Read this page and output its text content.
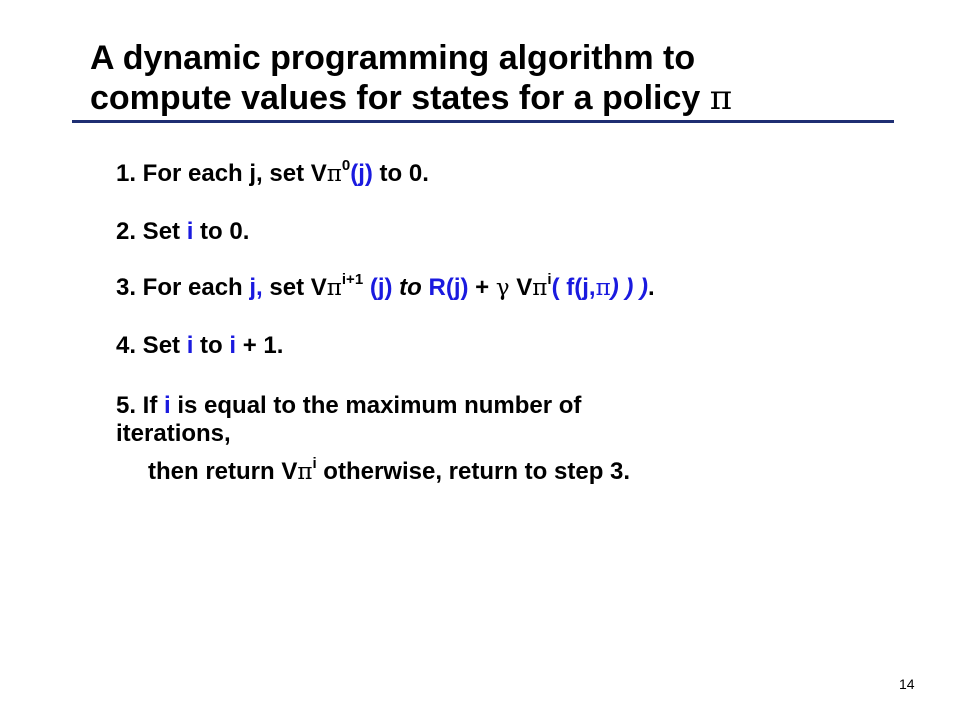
A dynamic programming algorithm to
compute values for states for a policy π
1. For each j, set $V\pi^0(j)$ to 0.
2. Set i to 0.
3. For each j, set $V\pi^{i+1}$ (j) to R(j) + γ $V\pi^i$( f(j,π) ) ).
4. Set i to i + 1.
5. If i is equal to the maximum number of
iterations,
then return $V\pi^i$ otherwise, return to step 3.
14
